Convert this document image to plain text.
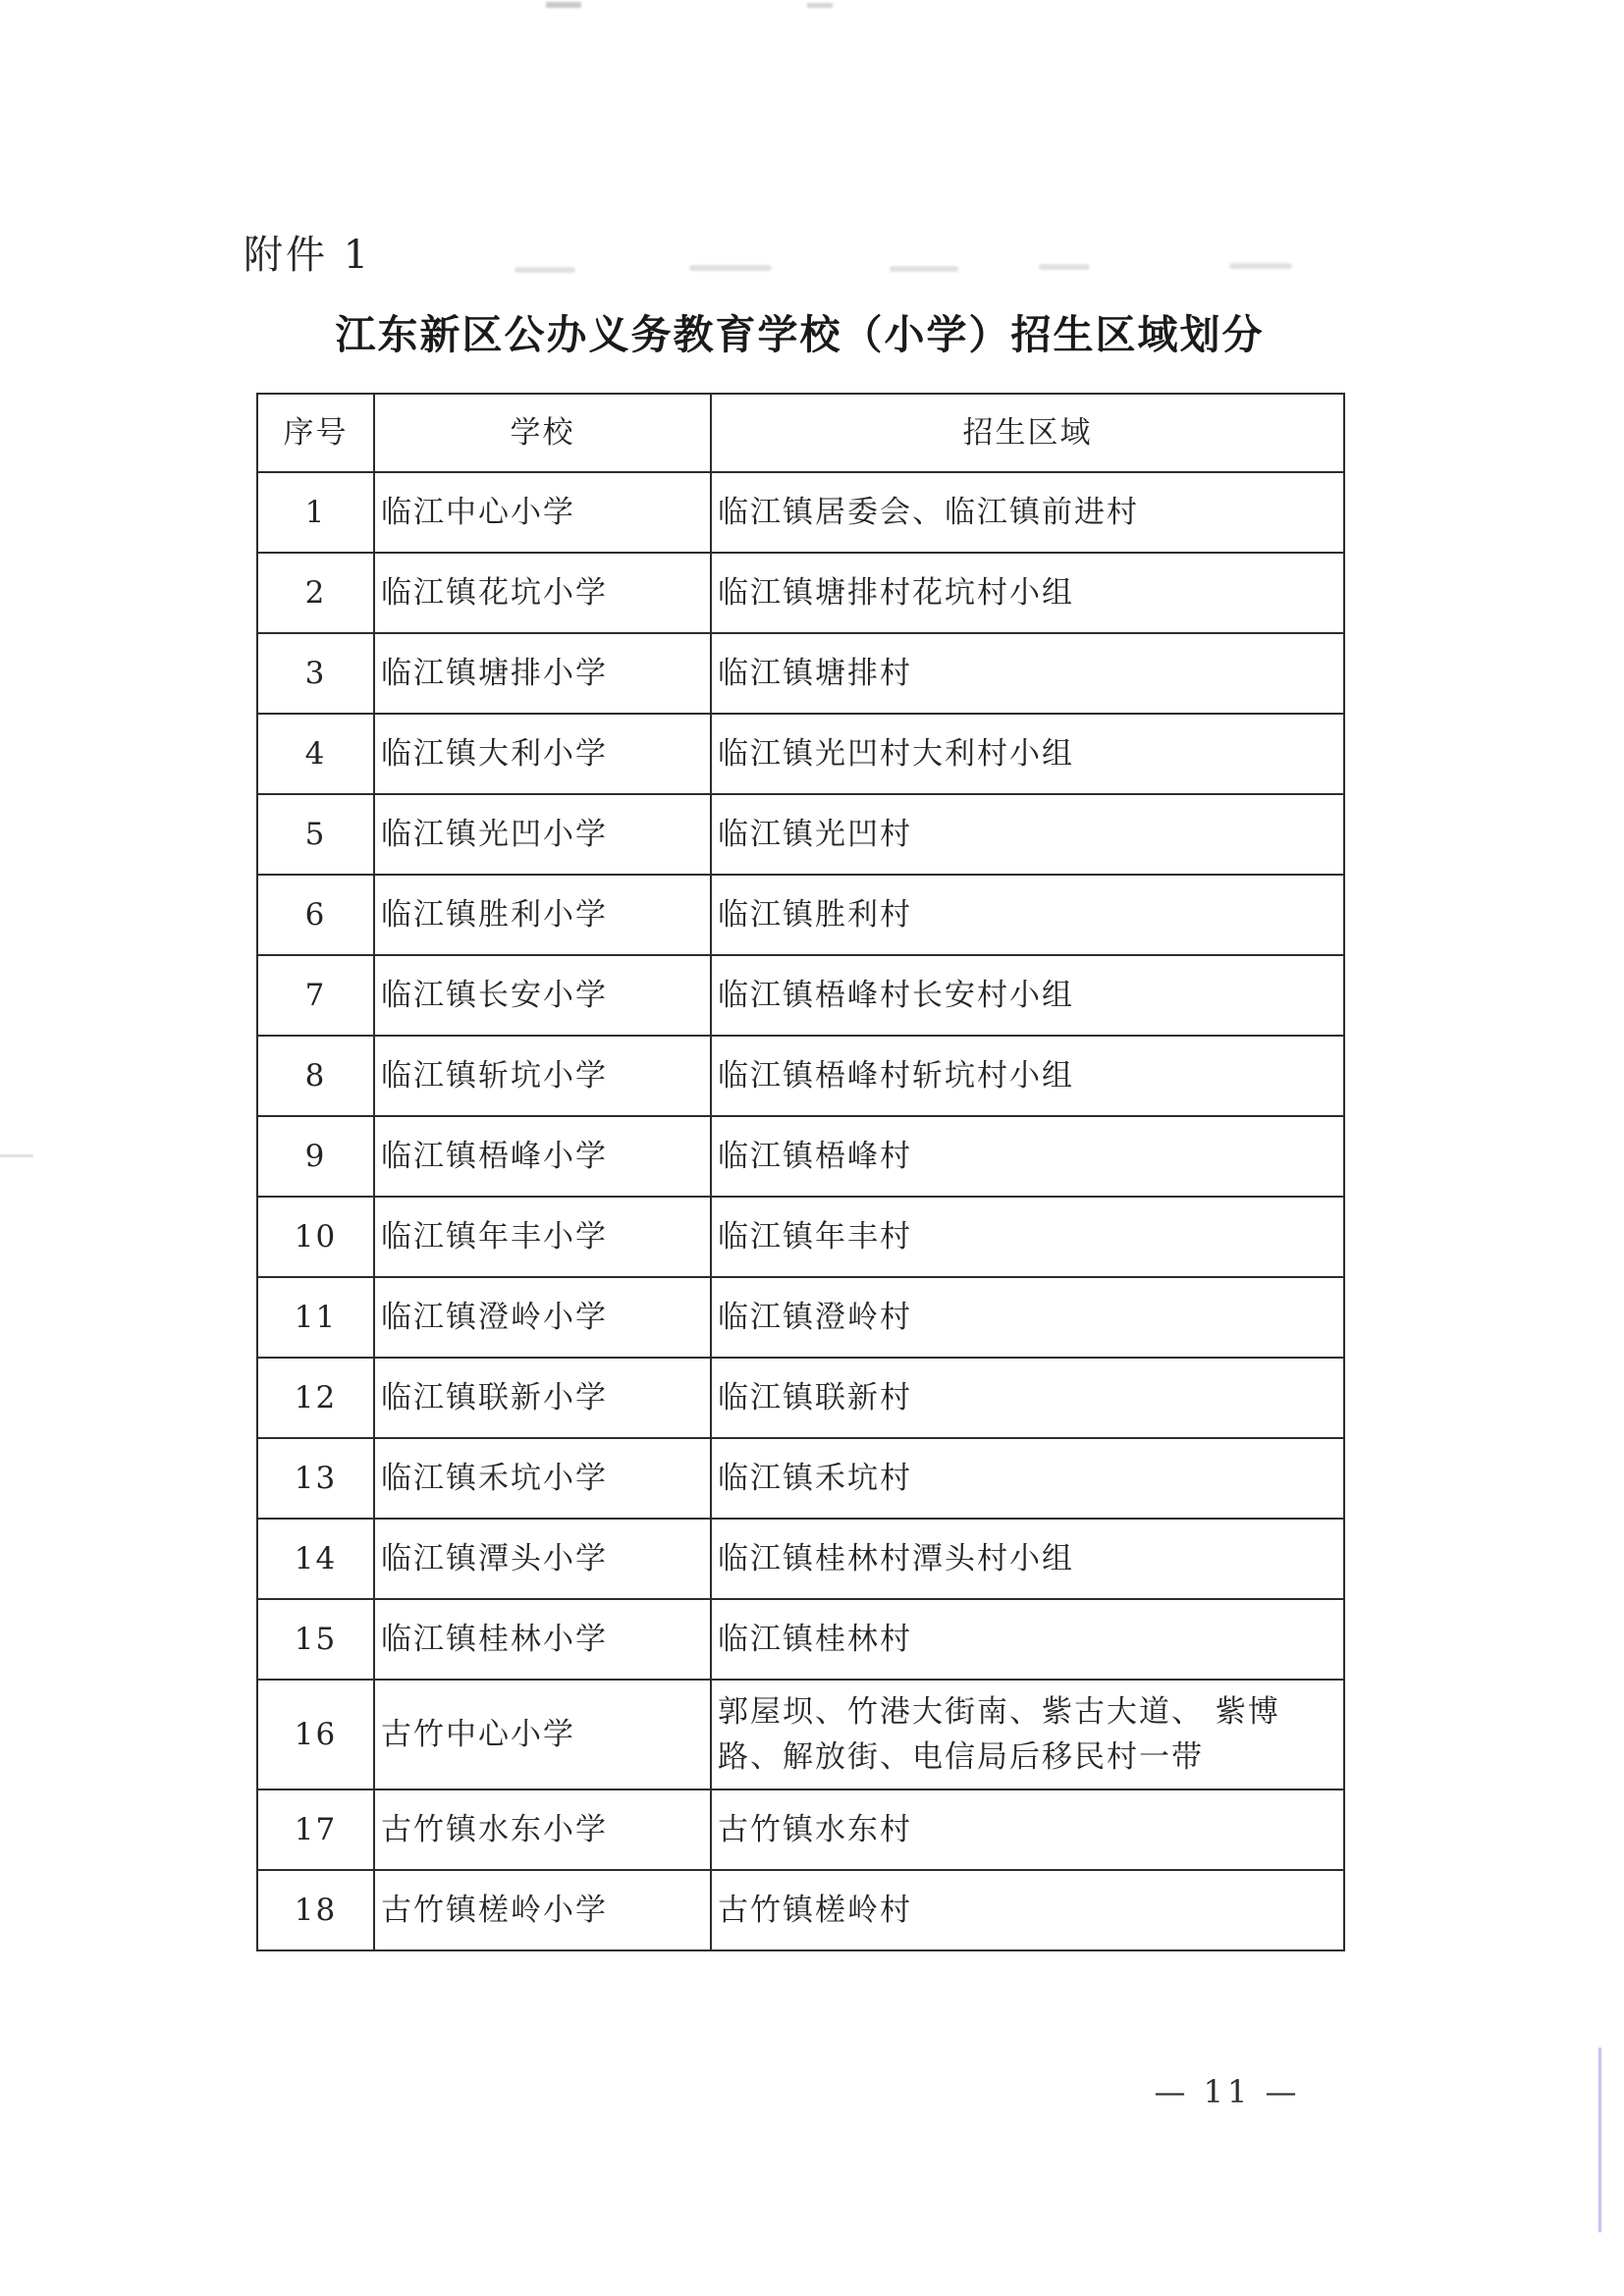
附件 1
江东新区公办义务教育学校（小学）招生区域划分
序号	学校	招生区域
1	临江中心小学	临江镇居委会、临江镇前进村
2	临江镇花坑小学	临江镇塘排村花坑村小组
3	临江镇塘排小学	临江镇塘排村
4	临江镇大利小学	临江镇光凹村大利村小组
5	临江镇光凹小学	临江镇光凹村
6	临江镇胜利小学	临江镇胜利村
7	临江镇长安小学	临江镇梧峰村长安村小组
8	临江镇斩坑小学	临江镇梧峰村斩坑村小组
9	临江镇梧峰小学	临江镇梧峰村
10	临江镇年丰小学	临江镇年丰村
11	临江镇澄岭小学	临江镇澄岭村
12	临江镇联新小学	临江镇联新村
13	临江镇禾坑小学	临江镇禾坑村
14	临江镇潭头小学	临江镇桂林村潭头村小组
15	临江镇桂林小学	临江镇桂林村
16	古竹中心小学	郭屋坝、竹港大街南、紫古大道、 紫博路、解放街、电信局后移民村一带
17	古竹镇水东小学	古竹镇水东村
18	古竹镇槎岭小学	古竹镇槎岭村
— 11 —
